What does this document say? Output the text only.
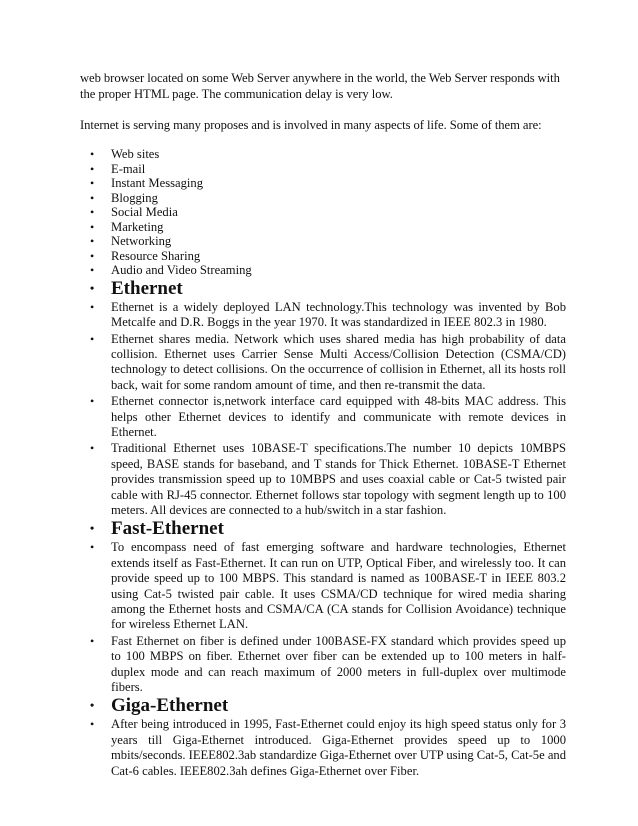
web browser located on some Web Server anywhere in the world, the Web Server responds with the proper HTML page. The communication delay is very low.

Internet is serving many proposes and is involved in many aspects of life. Some of them are:

• Web sites
• E-mail
• Instant Messaging
• Blogging
• Social Media
• Marketing
• Networking
• Resource Sharing
• Audio and Video Streaming
• Ethernet
• Ethernet is a widely deployed LAN technology.This technology was invented by Bob Metcalfe and D.R. Boggs in the year 1970. It was standardized in IEEE 802.3 in 1980.
• Ethernet shares media. Network which uses shared media has high probability of data collision. Ethernet uses Carrier Sense Multi Access/Collision Detection (CSMA/CD) technology to detect collisions. On the occurrence of collision in Ethernet, all its hosts roll back, wait for some random amount of time, and then re-transmit the data.
• Ethernet connector is,network interface card equipped with 48-bits MAC address. This helps other Ethernet devices to identify and communicate with remote devices in Ethernet.
• Traditional Ethernet uses 10BASE-T specifications.The number 10 depicts 10MBPS speed, BASE stands for baseband, and T stands for Thick Ethernet. 10BASE-T Ethernet provides transmission speed up to 10MBPS and uses coaxial cable or Cat-5 twisted pair cable with RJ-45 connector. Ethernet follows star topology with segment length up to 100 meters. All devices are connected to a hub/switch in a star fashion.
• Fast-Ethernet
• To encompass need of fast emerging software and hardware technologies, Ethernet extends itself as Fast-Ethernet. It can run on UTP, Optical Fiber, and wirelessly too. It can provide speed up to 100 MBPS. This standard is named as 100BASE-T in IEEE 803.2 using Cat-5 twisted pair cable. It uses CSMA/CD technique for wired media sharing among the Ethernet hosts and CSMA/CA (CA stands for Collision Avoidance) technique for wireless Ethernet LAN.
• Fast Ethernet on fiber is defined under 100BASE-FX standard which provides speed up to 100 MBPS on fiber. Ethernet over fiber can be extended up to 100 meters in half-duplex mode and can reach maximum of 2000 meters in full-duplex over multimode fibers.
• Giga-Ethernet
• After being introduced in 1995, Fast-Ethernet could enjoy its high speed status only for 3 years till Giga-Ethernet introduced. Giga-Ethernet provides speed up to 1000 mbits/seconds. IEEE802.3ab standardize Giga-Ethernet over UTP using Cat-5, Cat-5e and Cat-6 cables. IEEE802.3ah defines Giga-Ethernet over Fiber.
